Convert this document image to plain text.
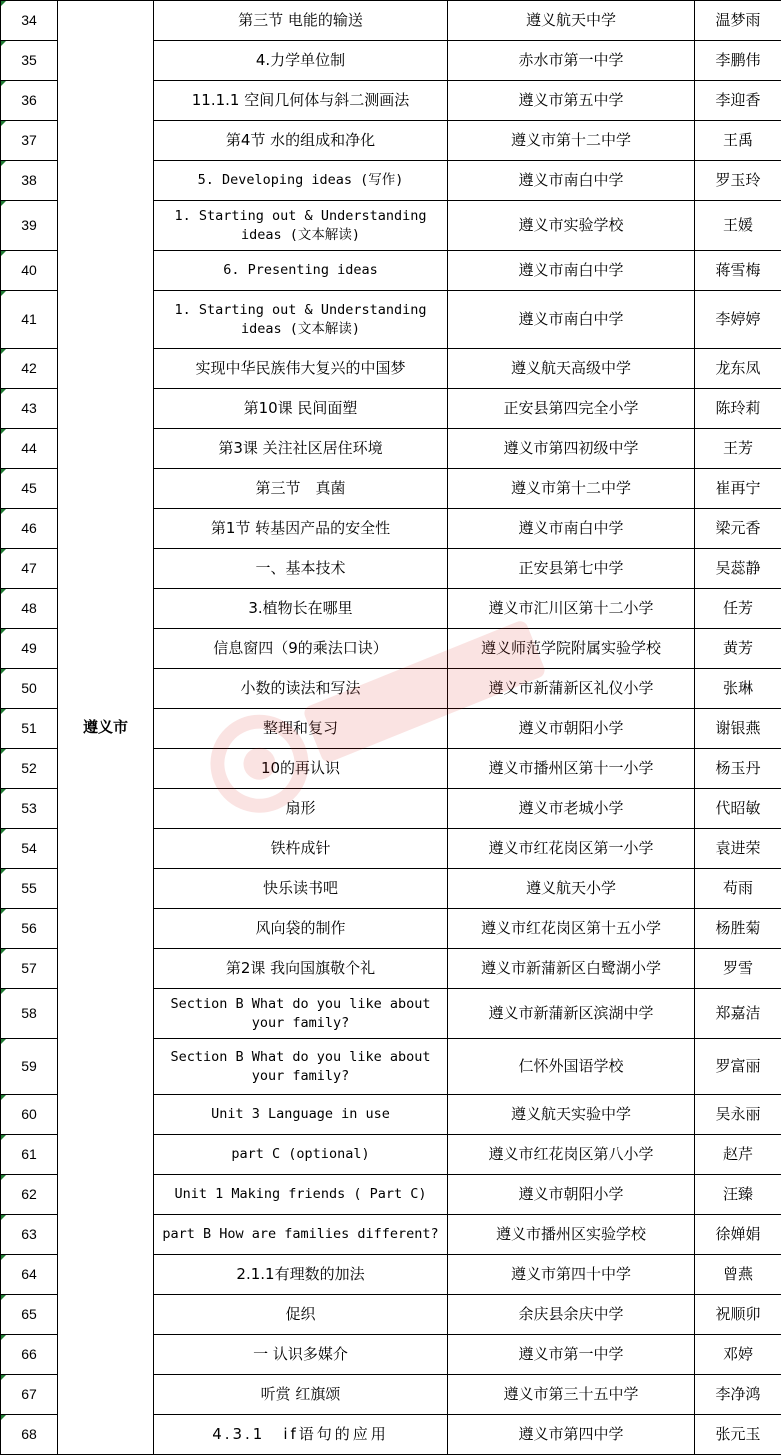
34	遵义市	第三节 电能的输送	遵义航天中学	温梦雨
35		4.力学单位制	赤水市第一中学	李鹏伟
36		11.1.1 空间几何体与斜二测画法	遵义市第五中学	李迎香
37		第4节 水的组成和净化	遵义市第十二中学	王禹
38		5. Developing ideas (写作)	遵义市南白中学	罗玉玲
39		1. Starting out & Understanding ideas (文本解读)	遵义市实验学校	王媛
40		6. Presenting ideas	遵义市南白中学	蒋雪梅
41		1. Starting out & Understanding ideas (文本解读)	遵义市南白中学	李婷婷
42		实现中华民族伟大复兴的中国梦	遵义航天高级中学	龙东凤
43		第10课 民间面塑	正安县第四完全小学	陈玲莉
44		第3课 关注社区居住环境	遵义市第四初级中学	王芳
45		第三节　真菌	遵义市第十二中学	崔再宁
46		第1节 转基因产品的安全性	遵义市南白中学	梁元香
47		一、基本技术	正安县第七中学	吴蕊静
48		3.植物长在哪里	遵义市汇川区第十二小学	任芳
49		信息窗四（9的乘法口诀）	遵义师范学院附属实验学校	黄芳
50		小数的读法和写法	遵义市新蒲新区礼仪小学	张琳
51		整理和复习	遵义市朝阳小学	谢银燕
52		10的再认识	遵义市播州区第十一小学	杨玉丹
53		扇形	遵义市老城小学	代昭敏
54		铁杵成针	遵义市红花岗区第一小学	袁进荣
55		快乐读书吧	遵义航天小学	苟雨
56		风向袋的制作	遵义市红花岗区第十五小学	杨胜菊
57		第2课 我向国旗敬个礼	遵义市新蒲新区白鹭湖小学	罗雪
58		Section B What do you like about your family?	遵义市新蒲新区滨湖中学	郑嘉洁
59		Section B What do you like about your family?	仁怀外国语学校	罗富丽
60		Unit 3 Language in use	遵义航天实验中学	吴永丽
61		part C (optional)	遵义市红花岗区第八小学	赵芹
62		Unit 1 Making friends ( Part C)	遵义市朝阳小学	汪臻
63		part B How are families different?	遵义市播州区实验学校	徐婵娟
64		2.1.1有理数的加法	遵义市第四十中学	曾燕
65		促织	余庆县余庆中学	祝顺卯
66		一 认识多媒介	遵义市第一中学	邓婷
67		听赏 红旗颂	遵义市第三十五中学	李净鸿
68		4.3.1　if语句的应用	遵义市第四中学	张元玉
